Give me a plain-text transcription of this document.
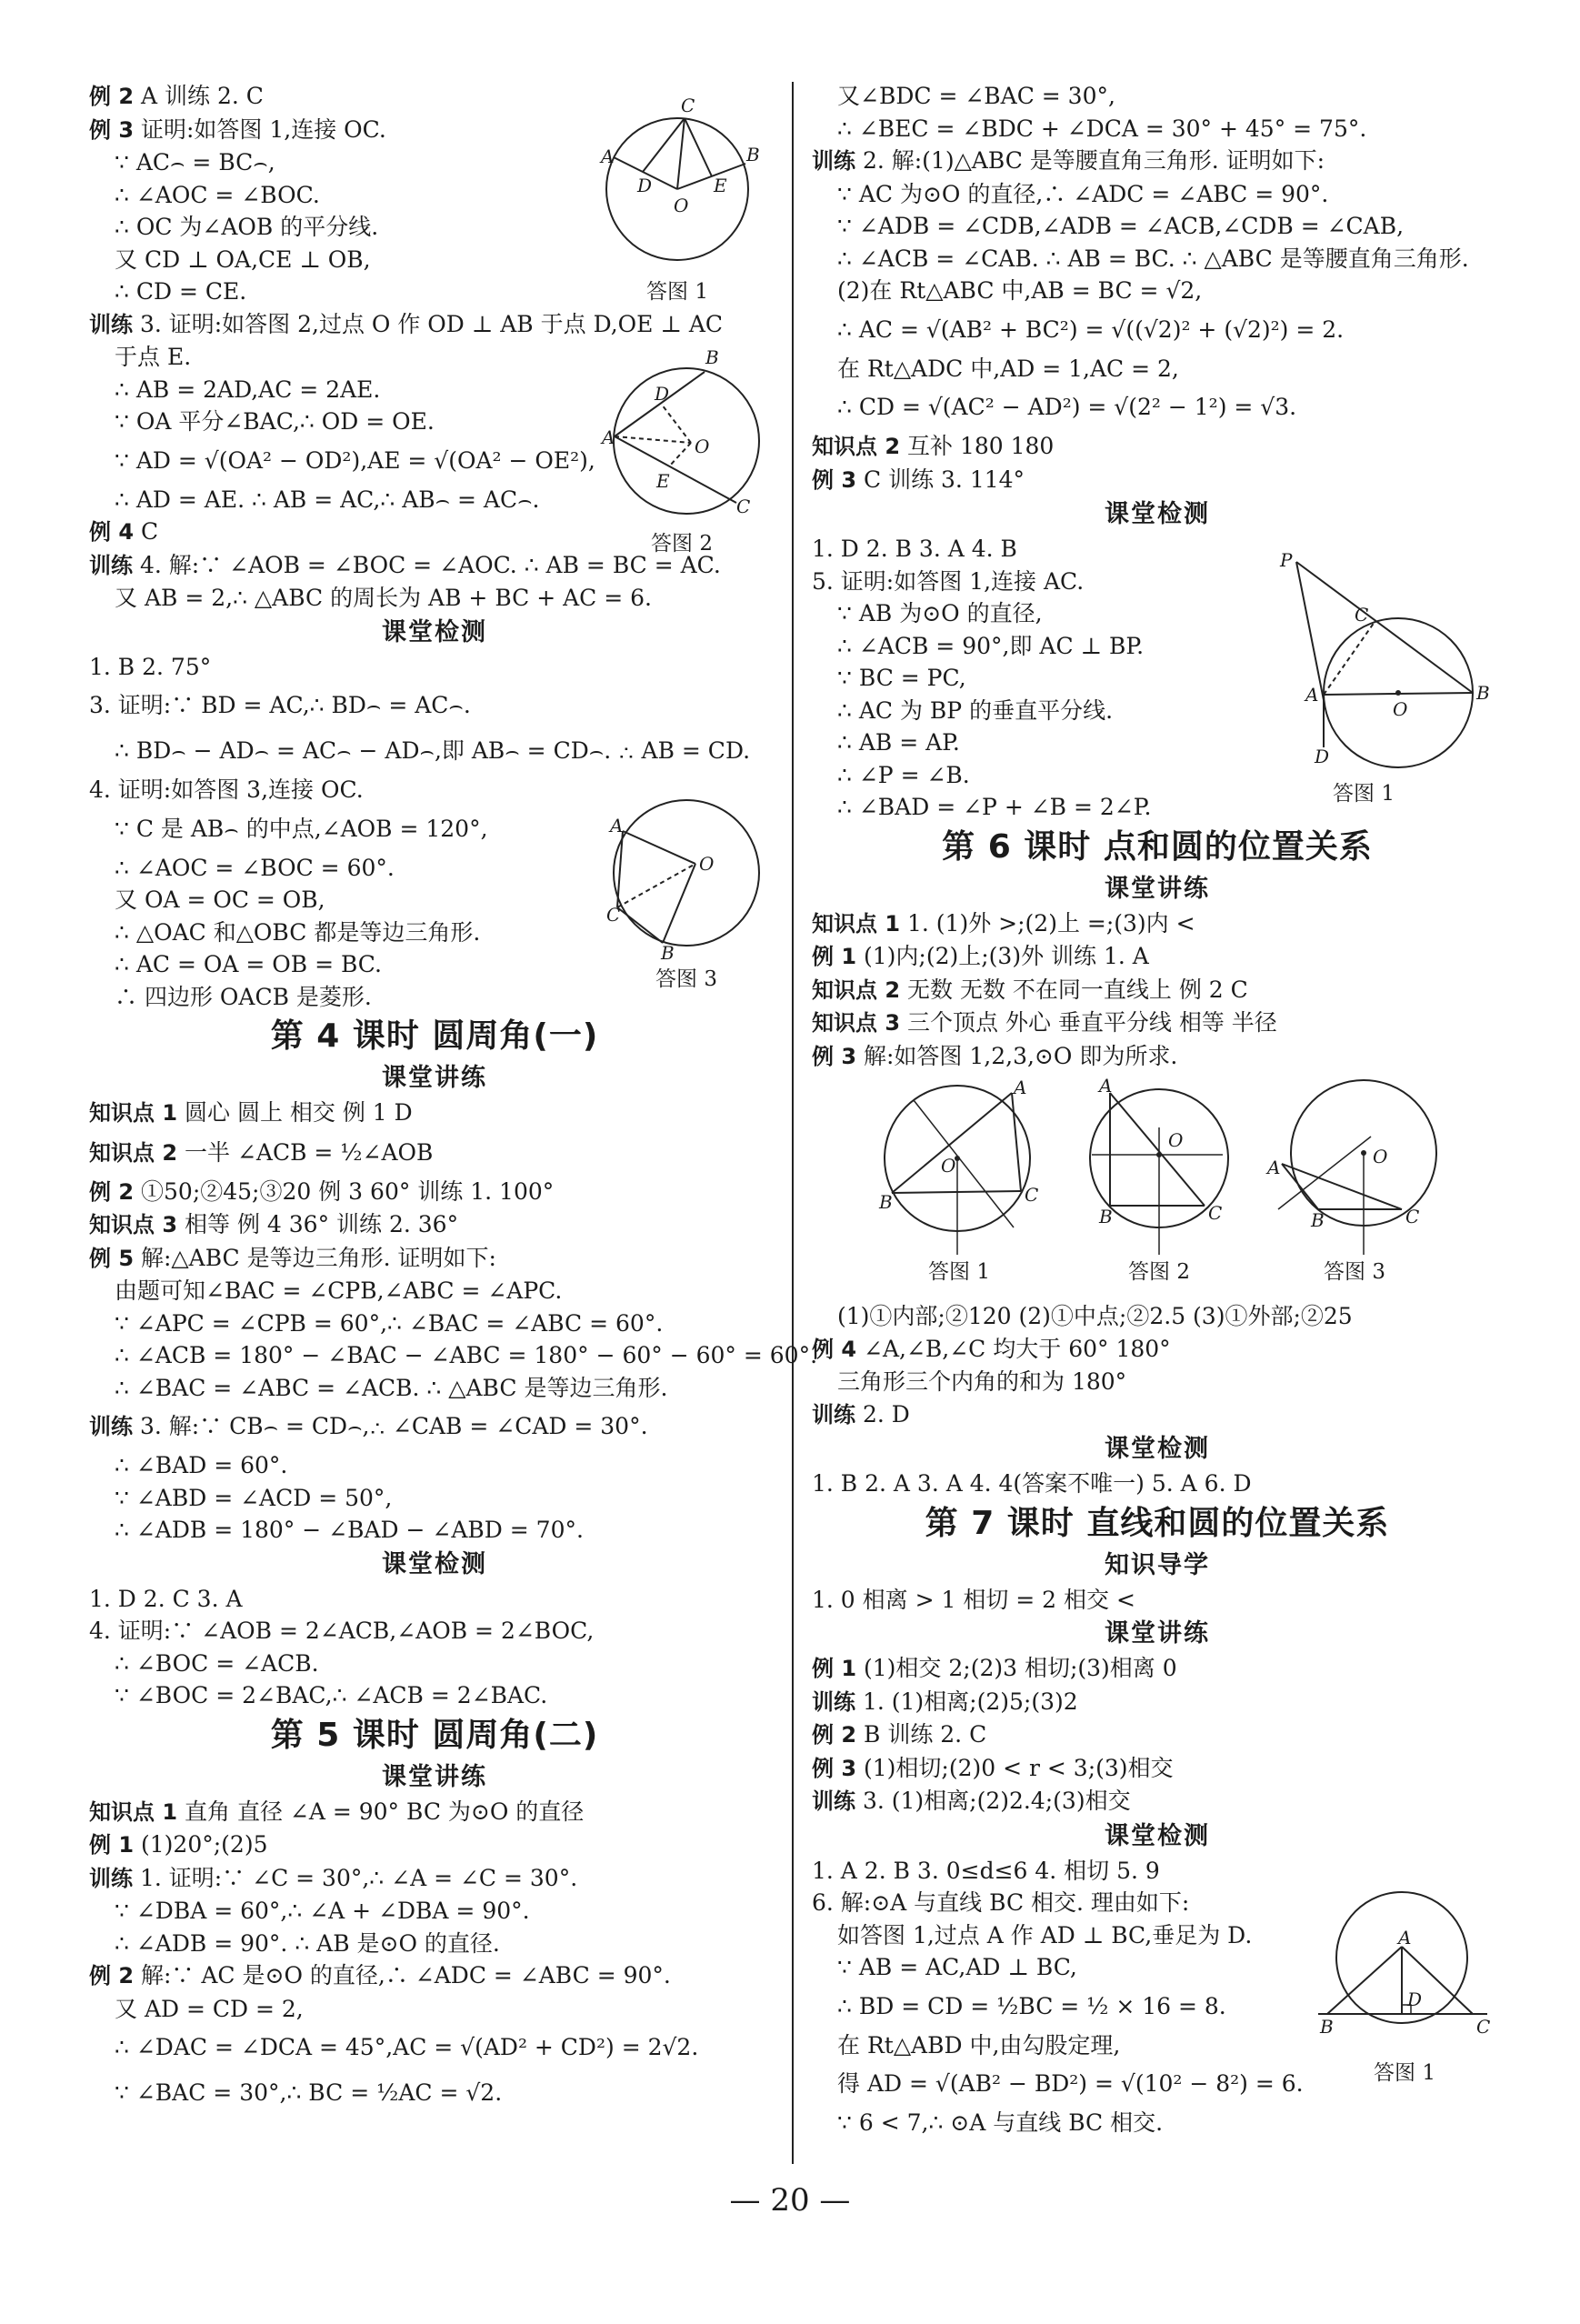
例 2 A 训练 2. C
例 3 证明:如答图 1,连接 OC.
∵ AC⌢ = BC⌢,
∴ ∠AOC = ∠BOC.
∴ OC 为∠AOB 的平分线.
又 CD ⊥ OA,CE ⊥ OB,
∴ CD = CE.
训练 3. 证明:如答图 2,过点 O 作 OD ⊥ AB 于点 D,OE ⊥ AC
于点 E.
∴ AB = 2AD,AC = 2AE.
∵ OA 平分∠BAC,∴ OD = OE.
∵ AD = √(OA² − OD²),AE = √(OA² − OE²),
∴ AD = AE. ∴ AB = AC,∴ AB⌢ = AC⌢.
例 4 C
训练 4. 解:∵ ∠AOB = ∠BOC = ∠AOC. ∴ AB = BC = AC.
又 AB = 2,∴ △ABC 的周长为 AB + BC + AC = 6.
课堂检测
1. B 2. 75°
3. 证明:∵ BD = AC,∴ BD⌢ = AC⌢.
∴ BD⌢ − AD⌢ = AC⌢ − AD⌢,即 AB⌢ = CD⌢. ∴ AB = CD.
4. 证明:如答图 3,连接 OC.
∵ C 是 AB⌢ 的中点,∠AOB = 120°,
∴ ∠AOC = ∠BOC = 60°.
又 OA = OC = OB,
∴ △OAC 和△OBC 都是等边三角形.
∴ AC = OA = OB = BC.
∴ 四边形 OACB 是菱形.
第 4 课时 圆周角(一)
课堂讲练
知识点 1 圆心 圆上 相交 例 1 D
知识点 2 一半 ∠ACB = ½∠AOB
例 2 ①50;②45;③20 例 3 60° 训练 1. 100°
知识点 3 相等 例 4 36° 训练 2. 36°
例 5 解:△ABC 是等边三角形. 证明如下:
由题可知∠BAC = ∠CPB,∠ABC = ∠APC.
∵ ∠APC = ∠CPB = 60°,∴ ∠BAC = ∠ABC = 60°.
∴ ∠ACB = 180° − ∠BAC − ∠ABC = 180° − 60° − 60° = 60°.
∴ ∠BAC = ∠ABC = ∠ACB. ∴ △ABC 是等边三角形.
训练 3. 解:∵ CB⌢ = CD⌢,∴ ∠CAB = ∠CAD = 30°.
∴ ∠BAD = 60°.
∵ ∠ABD = ∠ACD = 50°,
∴ ∠ADB = 180° − ∠BAD − ∠ABD = 70°.
课堂检测
1. D 2. C 3. A
4. 证明:∵ ∠AOB = 2∠ACB,∠AOB = 2∠BOC,
∴ ∠BOC = ∠ACB.
∵ ∠BOC = 2∠BAC,∴ ∠ACB = 2∠BAC.
第 5 课时 圆周角(二)
课堂讲练
知识点 1 直角 直径 ∠A = 90° BC 为⊙O 的直径
例 1 (1)20°;(2)5
训练 1. 证明:∵ ∠C = 30°,∴ ∠A = ∠C = 30°.
∵ ∠DBA = 60°,∴ ∠A + ∠DBA = 90°.
∴ ∠ADB = 90°. ∴ AB 是⊙O 的直径.
例 2 解:∵ AC 是⊙O 的直径,∴ ∠ADC = ∠ABC = 90°.
又 AD = CD = 2,
∴ ∠DAC = ∠DCA = 45°,AC = √(AD² + CD²) = 2√2.
∵ ∠BAC = 30°,∴ BC = ½AC = √2.
又∠BDC = ∠BAC = 30°,
∴ ∠BEC = ∠BDC + ∠DCA = 30° + 45° = 75°.
训练 2. 解:(1)△ABC 是等腰直角三角形. 证明如下:
∵ AC 为⊙O 的直径,∴ ∠ADC = ∠ABC = 90°.
∵ ∠ADB = ∠CDB,∠ADB = ∠ACB,∠CDB = ∠CAB,
∴ ∠ACB = ∠CAB. ∴ AB = BC. ∴ △ABC 是等腰直角三角形.
(2)在 Rt△ABC 中,AB = BC = √2,
∴ AC = √(AB² + BC²) = √((√2)² + (√2)²) = 2.
在 Rt△ADC 中,AD = 1,AC = 2,
∴ CD = √(AC² − AD²) = √(2² − 1²) = √3.
知识点 2 互补 180 180
例 3 C 训练 3. 114°
课堂检测
1. D 2. B 3. A 4. B
5. 证明:如答图 1,连接 AC.
∵ AB 为⊙O 的直径,
∴ ∠ACB = 90°,即 AC ⊥ BP.
∵ BC = PC,
∴ AC 为 BP 的垂直平分线.
∴ AB = AP.
∴ ∠P = ∠B.
∴ ∠BAD = ∠P + ∠B = 2∠P.
第 6 课时 点和圆的位置关系
课堂讲练
知识点 1 1. (1)外 >;(2)上 =;(3)内 <
例 1 (1)内;(2)上;(3)外 训练 1. A
知识点 2 无数 无数 不在同一直线上 例 2 C
知识点 3 三个顶点 外心 垂直平分线 相等 半径
例 3 解:如答图 1,2,3,⊙O 即为所求.
(1)①内部;②120 (2)①中点;②2.5 (3)①外部;②25
例 4 ∠A,∠B,∠C 均大于 60° 180°
三角形三个内角的和为 180°
训练 2. D
课堂检测
1. B 2. A 3. A 4. 4(答案不唯一) 5. A 6. D
第 7 课时 直线和圆的位置关系
知识导学
1. 0 相离 > 1 相切 = 2 相交 <
课堂讲练
例 1 (1)相交 2;(2)3 相切;(3)相离 0
训练 1. (1)相离;(2)5;(3)2
例 2 B 训练 2. C
例 3 (1)相切;(2)0 < r < 3;(3)相交
训练 3. (1)相离;(2)2.4;(3)相交
课堂检测
1. A 2. B 3. 0≤d≤6 4. 相切 5. 9
6. 解:⊙A 与直线 BC 相交. 理由如下:
如答图 1,过点 A 作 AD ⊥ BC,垂足为 D.
∵ AB = AC,AD ⊥ BC,
∴ BD = CD = ½BC = ½ × 16 = 8.
在 Rt△ABD 中,由勾股定理,
得 AD = √(AB² − BD²) = √(10² − 8²) = 6.
∵ 6 < 7,∴ ⊙A 与直线 BC 相交.
C
A	B
D	E
O
答图 1
A
D
O
E
B
C
答图 2
A
C
O
B
答图 3
P
C
A
O
B
D
答图 1
A
B	C
O
答图 1
A
B	C
O
答图 2
A
B	C
O
答图 3
A
B	C
D
答图 1
— 20 —
